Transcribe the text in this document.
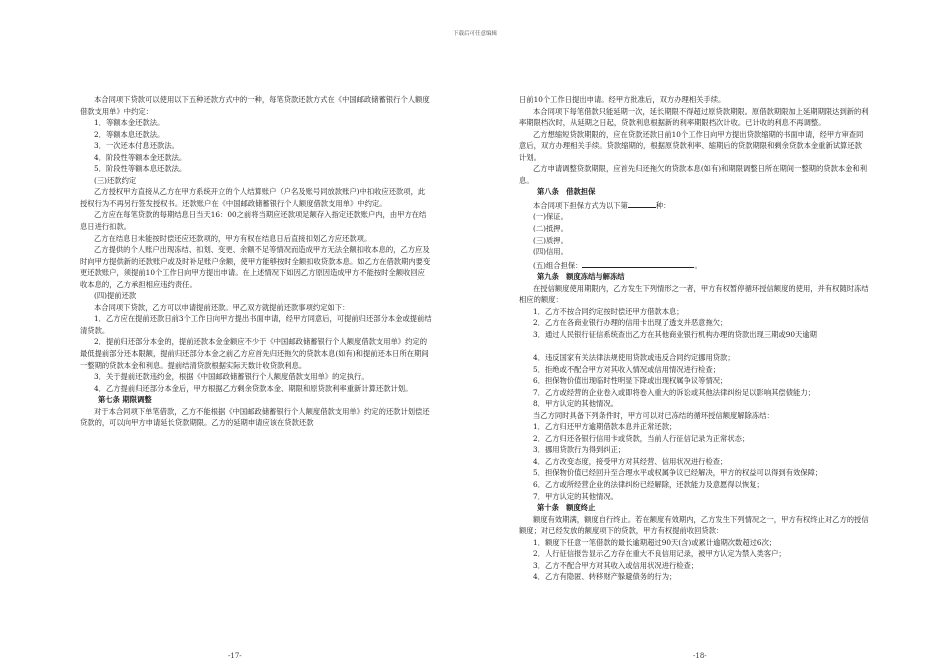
下载后可任意编辑

本合同项下贷款可以使用以下五种还款方式中的一种，每笔贷款还款方式在《中国邮政储蓄银行个人额度借款支用单》中约定：

1．等额本金还款法。

2．等额本息还款法。

3．一次还本付息还款法。

4．阶段性等额本金还款法。

5．阶段性等额本息还款法。

(三)还款约定

乙方授权甲方直接从乙方在甲方系统开立的个人结算账户（户名及账号同放款账户)中扣收应还款项，此授权行为不再另行签发授权书。还款账户在《中国邮政储蓄银行个人额度借款支用单》中约定。

乙方应在每笔贷款的每期结息日当天16：00之前将当期应还款项足额存入指定还款账户内，由甲方在结息日进行扣款。

乙方在结息日未能按时偿还应还款项的，甲方有权在结息日后直接扣划乙方应还款项。

乙方提供的个人账户出现冻结、扣划、变更、余额不足等情况而造成甲方无法全额扣收本息的，乙方应及时向甲方提供新的还款账户或及时补足账户余额，使甲方能够按时全额扣收贷款本息。如乙方在借款期内要变更还款账户，须提前10个工作日向甲方提出申请。在上述情况下如因乙方原因造成甲方不能按时全额收回应收本息的，乙方承担相应违约责任。

(四)提前还款

本合同项下贷款，乙方可以申请提前还款。甲乙双方就提前还款事项约定如下：

1．乙方应在提前还款日前3个工作日向甲方提出书面申请，经甲方同意后，可提前归还部分本金或提前结清贷款。

2．提前归还部分本金的，提前还款本金金额应不少于《中国邮政储蓄银行个人额度借款支用单》约定的最低提前部分还本限额，提前归还部分本金之前乙方应首先归还拖欠的贷款本息(如有)和提前还本日所在期间一整期的贷款本金和利息。提前结清贷款根据实际天数计收贷款利息。

3．关于提前还款违约金，根据《中国邮政储蓄银行个人额度借款支用单》的定执行。

4．乙方提前归还部分本金后，甲方根据乙方剩余贷款本金、期限和原贷款利率重新计算还款计划。

第七条 期限调整

对于本合同项下单笔借款，乙方不能根据《中国邮政储蓄银行个人额度借款支用单》约定的还款计划偿还贷款的，可以向甲方申请延长贷款期限。乙方的延期申请应该在贷款还款

日前10个工作日提出申请。经甲方批准后，双方办理相关手续。

本合同项下每笔借款只能延期一次，延长期限不得超过原贷款期限。原借款期限加上延期期限达到新的利率期限档次时，从延期之日起，贷款利息根据新的利率期限档次计收。已计收的利息不再调整。

乙方想缩短贷款期限的，应在贷款还款日前10个工作日向甲方提出贷款缩期的书面申请，经甲方审查同意后，双方办理相关手续。贷款缩期的，根据原贷款利率、缩期后的贷款期限和剩余贷款本金重新试算还款计划。

乙方申请调整贷款期限，应首先归还拖欠的贷款本息(如有)和期限调整日所在期间一整期的贷款本金和利息。

第八条　借款担保

本合同项下担保方式为以下第	种：

(一)保证。

(二)抵押。

(三)质押。

(四)信用。

(五)组合担保：	。

第九条　额度冻结与解冻结

在授信额度使用期限内，乙方发生下列情形之一者，甲方有权暂停循环授信额度的使用，并有权随时冻结相应的额度：

1．乙方不按合同约定按时偿还甲方借款本息；

2．乙方在各商业银行办理的信用卡出现了透支并恶意拖欠；

3．通过人民银行征信系统查出乙方在其他商业银行机构办理的贷款出现三期或90天逾期

4．违反国家有关法律法规使用贷款或违反合同约定挪用贷款；

5．拒绝或不配合甲方对其收入情况或信用情况进行检查；

6．担保物价值出现临时性明显下降或出现权属争议等情况；

7．乙方或经营的企业卷入或即将卷入重大的诉讼或其他法律纠纷足以影响其偿债能力；

8．甲方认定的其他情况。

当乙方同时具备下列条件时，甲方可以对已冻结的循环授信额度解除冻结：

1．乙方归还甲方逾期借款本息并正常还款；

2．乙方归还各银行信用卡或贷款，当前人行征信记录为正常状态；

3．挪用贷款行为得到纠正；

4．乙方改变态度，接受甲方对其经营、信用状况进行检查；

5．担保物价值已经回升至合理水平或权属争议已经解决，甲方的权益可以得到有效保障；

6．乙方或所经营企业的法律纠纷已经解除，还款能力及意愿得以恢复；

7．甲方认定的其他情况。

第十条　额度终止

额度有效期满，额度自行终止。若在额度有效期内，乙方发生下列情况之一，甲方有权终止对乙方的授信额度；对已经发放的额度项下的贷款，甲方有权提前收回贷款：

1．额度下任意一笔借款的最长逾期超过90天(含)或累计逾期次数超过6次；

2．人行征信报告显示乙方存在重大不良信用记录，被甲方认定为禁入类客户；

3．乙方不配合甲方对其收入或信用状况进行检查；

4．乙方有隐匿、转移财产躲避债务的行为；

-17-	-18-
